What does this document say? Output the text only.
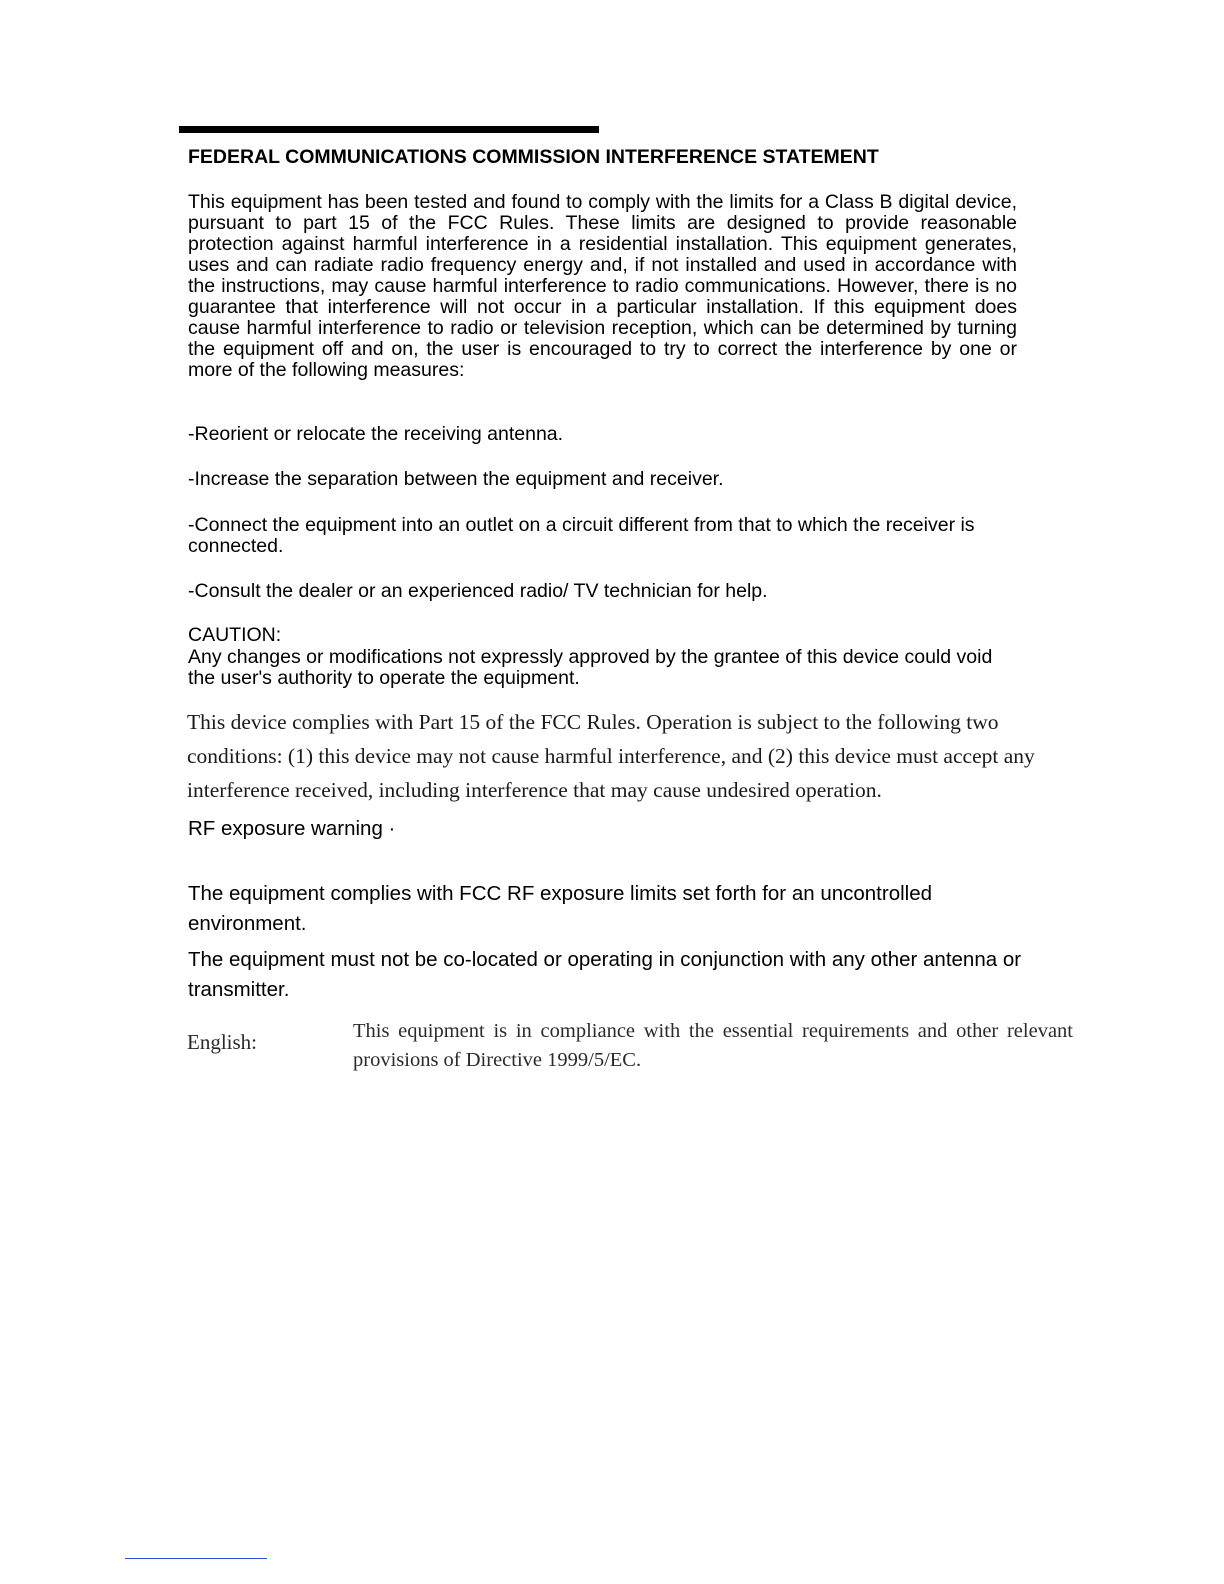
FEDERAL COMMUNICATIONS COMMISSION INTERFERENCE STATEMENT
This equipment has been tested and found to comply with the limits for a Class B digital device, pursuant to part 15 of the FCC Rules. These limits are designed to provide reasonable protection against harmful interference in a residential installation. This equipment generates, uses and can radiate radio frequency energy and, if not installed and used in accordance with the instructions, may cause harmful interference to radio communications. However, there is no guarantee that interference will not occur in a particular installation. If this equipment does cause harmful interference to radio or television reception, which can be determined by turning the equipment off and on, the user is encouraged to try to correct the interference by one or more of the following measures:
-Reorient or relocate the receiving antenna.
-Increase the separation between the equipment and receiver.
-Connect the equipment into an outlet on a circuit different from that to which the receiver is connected.
-Consult the dealer or an experienced radio/ TV technician for help.
CAUTION:
Any changes or modifications not expressly approved by the grantee of this device could void the user's authority to operate the equipment.
This device complies with Part 15 of the FCC Rules. Operation is subject to the following two conditions: (1) this device may not cause harmful interference, and (2) this device must accept any interference received, including interference that may cause undesired operation.
RF exposure warning ·
The equipment complies with FCC RF exposure limits set forth for an uncontrolled environment.
The equipment must not be co-located or operating in conjunction with any other antenna or transmitter.
English:	This equipment is in compliance with the essential requirements and other relevant provisions of Directive 1999/5/EC.
